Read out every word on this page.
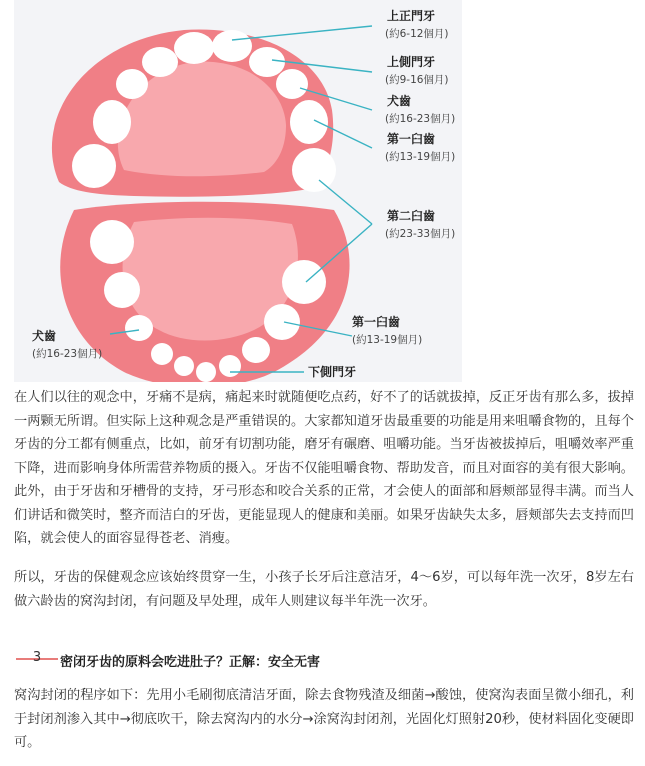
上正門牙
(約6-12個月)
上側門牙
(約9-16個月)
犬齒
(約16-23個月)
第一臼齒
(約13-19個月)
第二臼齒
(約23-33個月)
第一臼齒
(約13-19個月)
犬齒
(約16-23個月)
下側門牙

在人们以往的观念中，牙痛不是病，痛起来时就随便吃点药，好不了的话就拔掉，反正牙齿有那么多，拔掉一两颗无所谓。但实际上这种观念是严重错误的。大家都知道牙齿最重要的功能是用来咀嚼食物的，且每个牙齿的分工都有侧重点，比如，前牙有切割功能，磨牙有碾磨、咀嚼功能。当牙齿被拔掉后，咀嚼效率严重下降，进而影响身体所需营养物质的摄入。牙齿不仅能咀嚼食物、帮助发音，而且对面容的美有很大影响。此外，由于牙齿和牙槽骨的支持，牙弓形态和咬合关系的正常，才会使人的面部和唇颊部显得丰满。而当人们讲话和微笑时，整齐而洁白的牙齿，更能显现人的健康和美丽。如果牙齿缺失太多，唇颊部失去支持而凹陷，就会使人的面容显得苍老、消瘦。

所以，牙齿的保健观念应该始终贯穿一生，小孩子长牙后注意洁牙，4～6岁，可以每年洗一次牙，8岁左右做六龄齿的窝沟封闭，有问题及早处理，成年人则建议每半年洗一次牙。

3	密闭牙齿的原料会吃进肚子？正解：安全无害

窝沟封闭的程序如下：先用小毛刷彻底清洁牙面，除去食物残渣及细菌→酸蚀，使窝沟表面呈微小细孔，利于封闭剂渗入其中→彻底吹干，除去窝沟内的水分→涂窝沟封闭剂，光固化灯照射20秒，使材料固化变硬即可。
